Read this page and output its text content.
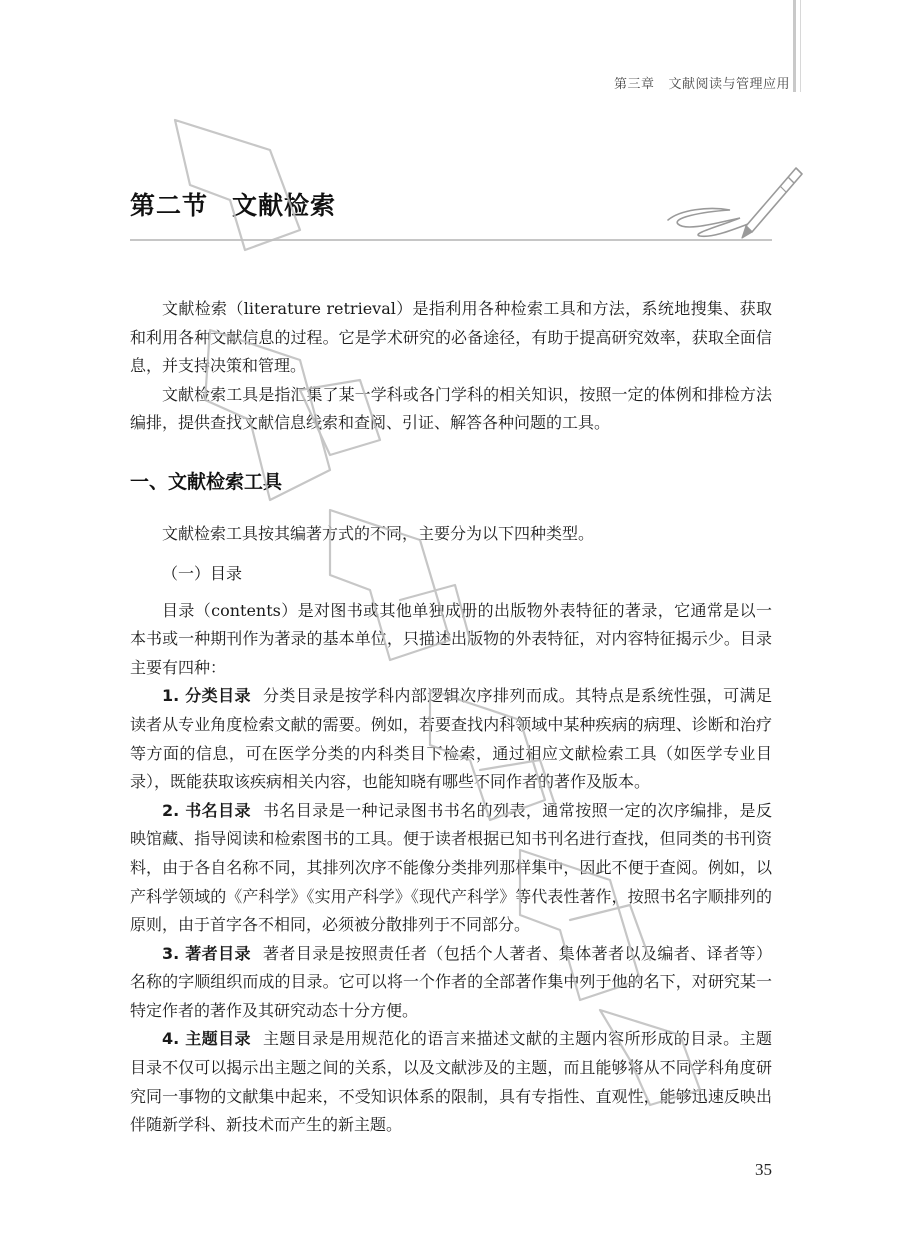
第三章 文献阅读与管理应用
第二节 文献检索

文献检索（literature retrieval）是指利用各种检索工具和方法，系统地搜集、获取和利用各种文献信息的过程。它是学术研究的必备途径，有助于提高研究效率，获取全面信息，并支持决策和管理。

文献检索工具是指汇集了某一学科或各门学科的相关知识，按照一定的体例和排检方法编排，提供查找文献信息线索和查阅、引证、解答各种问题的工具。

一、文献检索工具

文献检索工具按其编著方式的不同，主要分为以下四种类型。

（一）目录

目录（contents）是对图书或其他单独成册的出版物外表特征的著录，它通常是以一本书或一种期刊作为著录的基本单位，只描述出版物的外表特征，对内容特征揭示少。目录主要有四种：

1. 分类目录 分类目录是按学科内部逻辑次序排列而成。其特点是系统性强，可满足读者从专业角度检索文献的需要。例如，若要查找内科领域中某种疾病的病理、诊断和治疗等方面的信息，可在医学分类的内科类目下检索，通过相应文献检索工具（如医学专业目录），既能获取该疾病相关内容，也能知晓有哪些不同作者的著作及版本。

2. 书名目录 书名目录是一种记录图书书名的列表，通常按照一定的次序编排，是反映馆藏、指导阅读和检索图书的工具。便于读者根据已知书刊名进行查找，但同类的书刊资料，由于各自名称不同，其排列次序不能像分类排列那样集中，因此不便于查阅。例如，以产科学领域的《产科学》《实用产科学》《现代产科学》等代表性著作，按照书名字顺排列的原则，由于首字各不相同，必须被分散排列于不同部分。

3. 著者目录 著者目录是按照责任者（包括个人著者、集体著者以及编者、译者等）名称的字顺组织而成的目录。它可以将一个作者的全部著作集中列于他的名下，对研究某一特定作者的著作及其研究动态十分方便。

4. 主题目录 主题目录是用规范化的语言来描述文献的主题内容所形成的目录。主题目录不仅可以揭示出主题之间的关系，以及文献涉及的主题，而且能够将从不同学科角度研究同一事物的文献集中起来，不受知识体系的限制，具有专指性、直观性，能够迅速反映出伴随新学科、新技术而产生的新主题。

35
